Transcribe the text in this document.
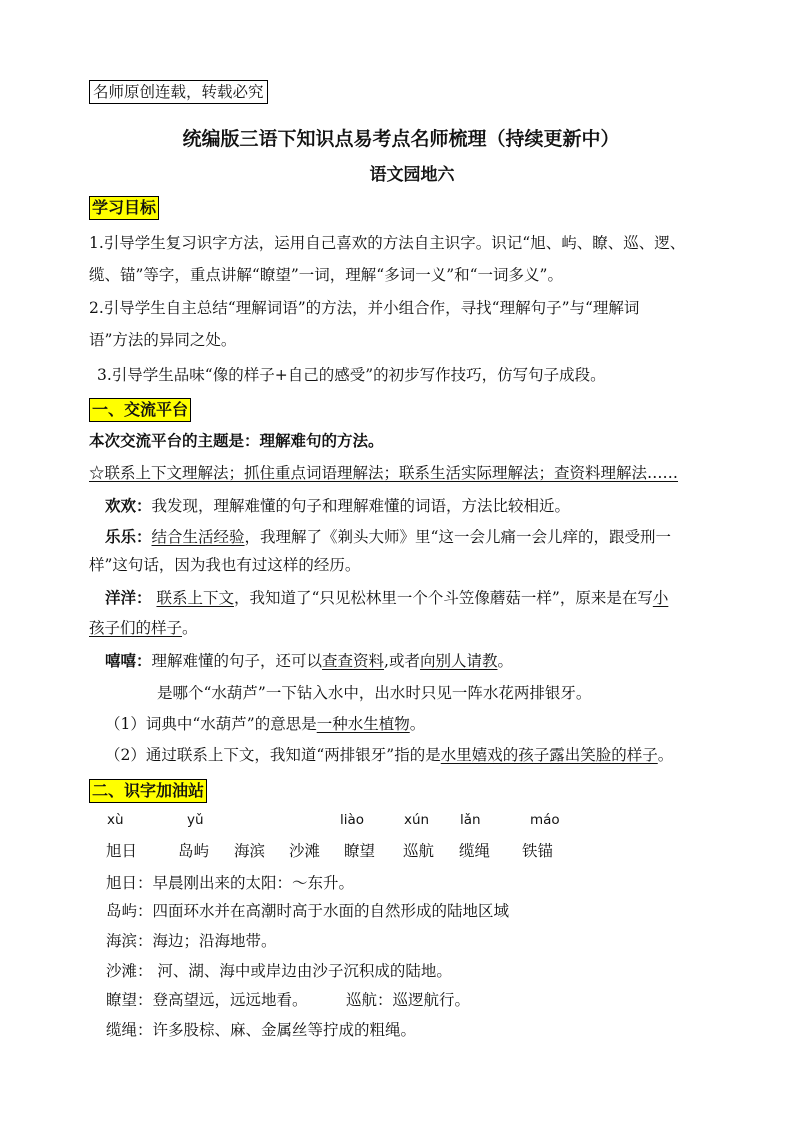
名师原创连载，转载必究
统编版三语下知识点易考点名师梳理（持续更新中）
语文园地六
学习目标
1.引导学生复习识字方法，运用自己喜欢的方法自主识字。识记“旭、屿、瞭、巡、逻、
缆、锚”等字，重点讲解“瞭望”一词，理解“多词一义”和“一词多义”。
2.引导学生自主总结“理解词语”的方法，并小组合作，寻找“理解句子”与“理解词
语”方法的异同之处。
3.引导学生品味“像的样子+自己的感受”的初步写作技巧，仿写句子成段。
一、交流平台
本次交流平台的主题是：理解难句的方法。
☆联系上下文理解法；抓住重点词语理解法；联系生活实际理解法；查资料理解法……
欢欢：我发现，理解难懂的句子和理解难懂的词语，方法比较相近。
乐乐：结合生活经验，我理解了《剃头大师》里“这一会儿痛一会儿痒的，跟受刑一
样”这句话，因为我也有过这样的经历。
洋洋： 联系上下文，我知道了“只见松林里一个个斗笠像蘑菇一样”，原来是在写小
孩子们的样子。
嘻嘻：理解难懂的句子，还可以查查资料,或者向别人请教。
是哪个“水葫芦”一下钻入水中，出水时只见一阵水花两排银牙。
（1）词典中“水葫芦”的意思是一种水生植物。
（2）通过联系上下文，我知道“两排银牙”指的是水里嬉戏的孩子露出笑脸的样子。
二、识字加油站
xù	yǔ	liào	xún lǎn	máo
旭日	岛屿 海滨 沙滩 瞭望 巡航 缆绳 铁锚
旭日：早晨刚出来的太阳：～东升。
岛屿：四面环水并在高潮时高于水面的自然形成的陆地区域
海滨：海边；沿海地带。
沙滩： 河、湖、海中或岸边由沙子沉积成的陆地。
瞭望：登高望远，远远地看。 巡航：巡逻航行。
缆绳：许多股棕、麻、金属丝等拧成的粗绳。
